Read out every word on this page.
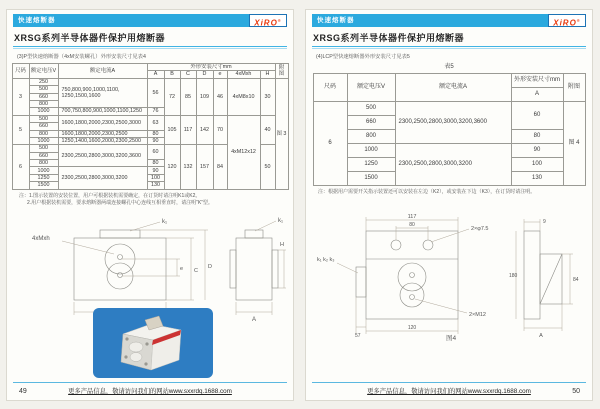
快速熔断器	XiRO®
XRSG系列半导体器件保护用熔断器
(3)P型快速熔断器（4xM安装螺孔）外形安装尺寸见表4
尺码	额定电压V	额定电流A	外形安装尺寸mm							附图
			A	B	C	D	e	4xMxh	H	
3	250	750,800,900,1000,1100, 1250,1500,1600	56	72	85	109	46	4xM8x10	30	图 3
	500									
	660									
	800									
	1000	700,750,800,900,1000,1100,1250	76							
5	500	1600,1800,2000,2300,2500,3000	63	105	117	142	70	4xM12x12	40	
	660									
	800	1600,1800,2000,2300,2500	80							
	1000	1250,1400,1600,2000,2300,2500	90							
6	500	2300,2500,2800,3000,3200,3600	60	120	132	157	84		50	
	660									
	800		80							
	1000	2300,2500,2800,3000,3200	90							
	1250		100							
	1500		130							
注：1.图示装置的安装位置，用户可根据装机需要确定，在订货时请注明K1或K2。
2.用户根据装机需要，要求熔断器两端连接螺孔中心连线互相垂直时，请注明“K”型。
4xMxh
k₁
e C
D
k₁
A
H
49	更多产品信息，敬请访问我们的网站www.sxxrdq.1688.com
快速熔断器	XiRO®
XRSG系列半导体器件保护用熔断器
(4)LCP型快速熔断器外形安装尺寸见表5
表5
尺码	额定电压V	额定电流A	外形安装尺寸mm	附图
			A	
6	500	2300,2500,2800,3000,3200,3600	60	图 4
	660			
	800		80	
	1000	2300,2500,2800,3000,3200	90	
	1250		100	
	1500		130	
注：根据用户需要开关指示装置还可以安装在左边（K2），或安装在下边（K3），在订货时请注明。
117
80
2×φ7.5
k₁ k₂ k₃
2×M12
57
120
9
180
84
A
图4
50
更多产品信息，敬请访问我们的网站www.sxxrdq.1688.com
